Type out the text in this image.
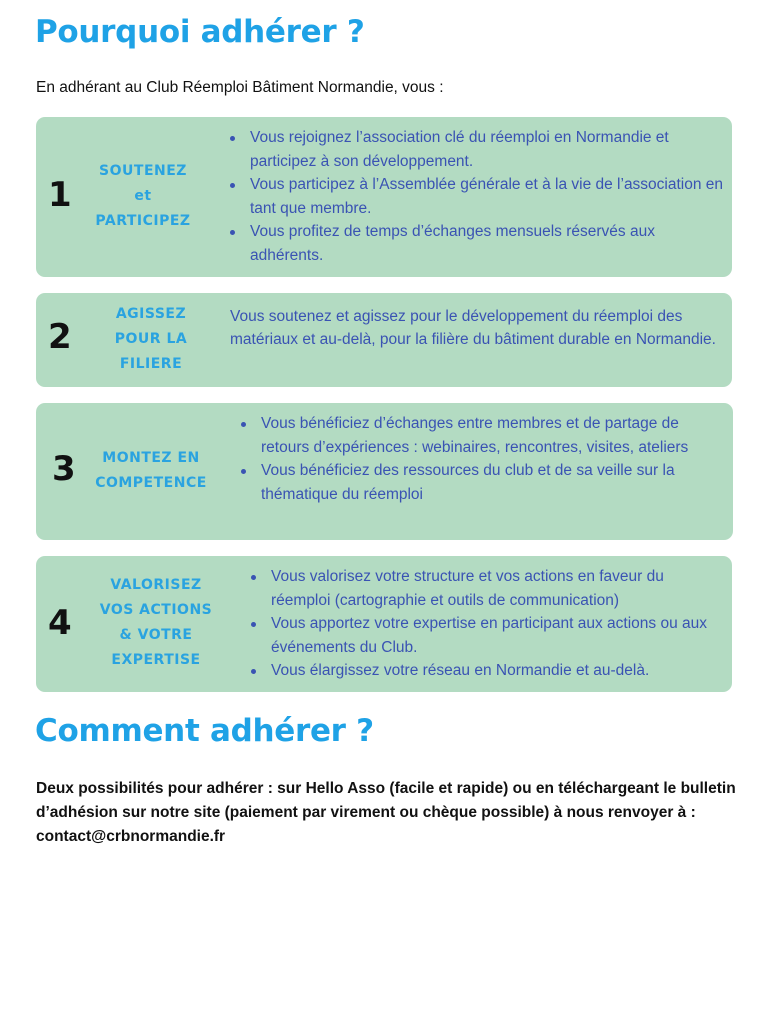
Pourquoi adhérer ?

En adhérant au Club Réemploi Bâtiment Normandie, vous :

1
SOUTENEZ
et
PARTICIPEZ
Vous rejoignez l’association clé du réemploi en Normandie et participez à son développement.
Vous participez à l’Assemblée générale et à la vie de l’association en tant que membre.
Vous profitez de temps d’échanges mensuels réservés aux adhérents.
2
AGISSEZ
POUR LA
FILIERE

Vous soutenez et agissez pour le développement du réemploi des matériaux et au-delà, pour la filière du bâtiment durable en Normandie.

3	MONTEZ EN
COMPETENCE
Vous bénéficiez d’échanges entre membres et de partage de retours d’expériences : webinaires, rencontres, visites, ateliers
Vous bénéficiez des ressources du club et de sa veille sur la thématique du réemploi
4
VALORISEZ
VOS ACTIONS
& VOTRE
EXPERTISE
Vous valorisez votre structure et vos actions en faveur du réemploi (cartographie et outils de communication)
Vous apportez votre expertise en participant aux actions ou aux événements du Club.
Vous élargissez votre réseau en Normandie et au-delà.
Comment adhérer ?

Deux possibilités pour adhérer : sur Hello Asso (facile et rapide) ou en téléchargeant le bulletin d’adhésion sur notre site (paiement par virement ou chèque possible) à nous renvoyer à : contact@crbnormandie.fr
